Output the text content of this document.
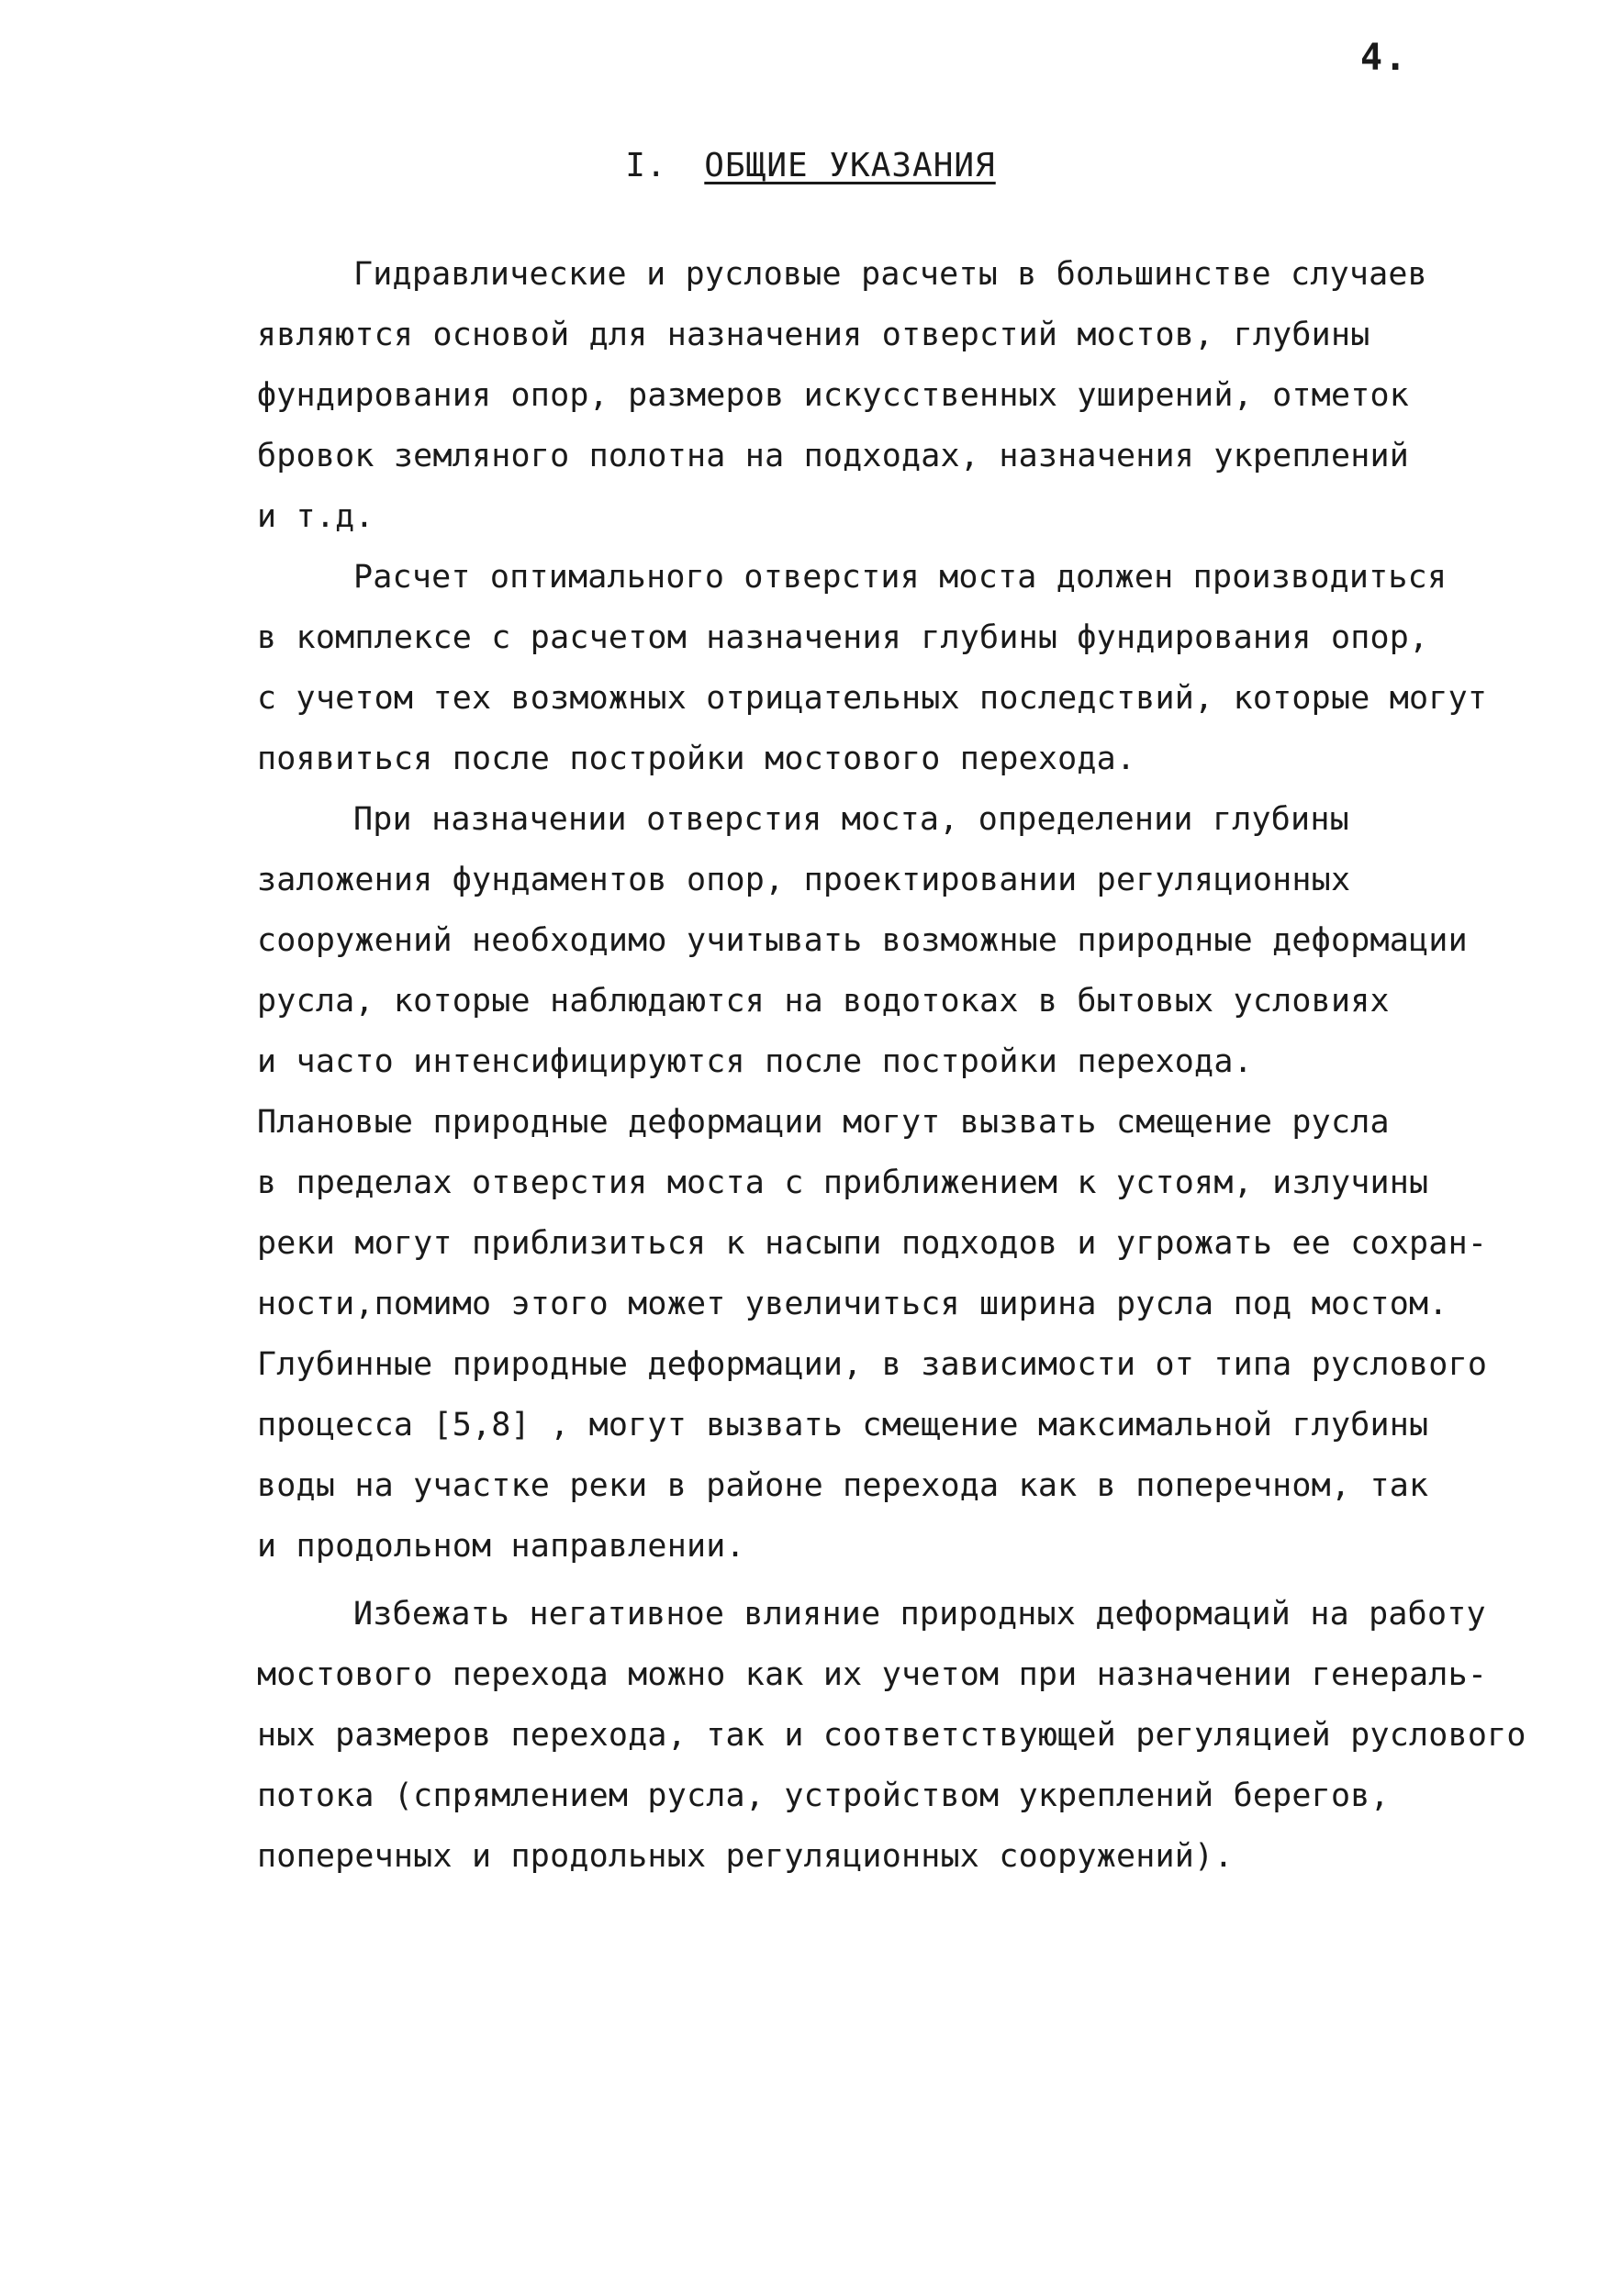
4.
I. ОБЩИЕ УКАЗАНИЯ
Гидравлические и русловые расчеты в большинстве случаев
являются основой для назначения отверстий мостов, глубины
фундирования опор, размеров искусственных уширений, отметок
бровок земляного полотна на подходах, назначения укреплений
и т.д.
Расчет оптимального отверстия моста должен производиться
в комплексе с расчетом назначения глубины фундирования опор,
с учетом тех возможных отрицательных последствий, которые могут
появиться после постройки мостового перехода.
При назначении отверстия моста, определении глубины
заложения фундаментов опор, проектировании регуляционных
сооружений необходимо учитывать возможные природные деформации
русла, которые наблюдаются на водотоках в бытовых условиях
и часто интенсифицируются после постройки перехода.
Плановые природные деформации могут вызвать смещение русла
в пределах отверстия моста с приближением к устоям, излучины
реки могут приблизиться к насыпи подходов и угрожать ее сохран-
ности,помимо этого может увеличиться ширина русла под мостом.
Глубинные природные деформации, в зависимости от типа руслового
процесса [5,8] , могут вызвать смещение максимальной глубины
воды на участке реки в районе перехода как в поперечном, так
и продольном направлении.
Избежать негативное влияние природных деформаций на работу
мостового перехода можно как их учетом при назначении генераль-
ных размеров перехода, так и соответствующей регуляцией руслового
потока (спрямлением русла, устройством укреплений берегов,
поперечных и продольных регуляционных сооружений).
